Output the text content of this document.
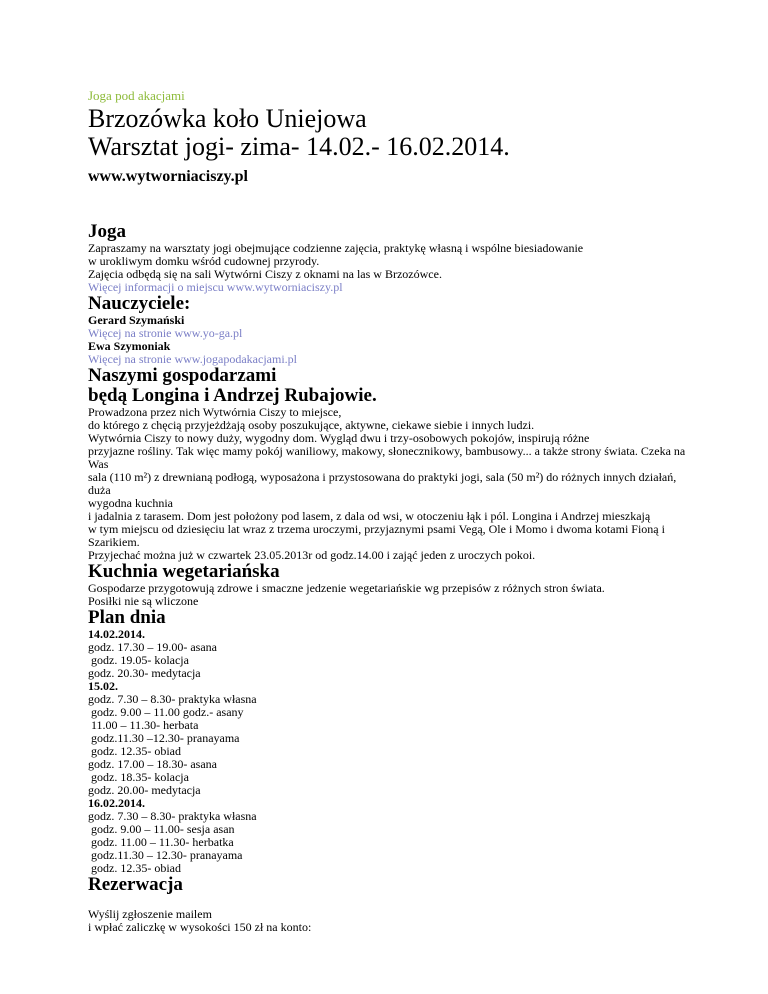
Joga pod akacjami
Brzozówka koło Uniejowa
Warsztat jogi- zima- 14.02.- 16.02.2014.
www.wytworniaciszy.pl
Joga
Zapraszamy na warsztaty jogi obejmujące codzienne zajęcia, praktykę własną i wspólne biesiadowanie
w urokliwym domku wśród cudownej przyrody.
Zajęcia odbędą się na sali Wytwórni Ciszy z oknami na las w Brzozówce.
Więcej informacji o miejscu www.wytworniaciszy.pl
Nauczyciele:
Gerard Szymański
Więcej na stronie www.yo-ga.pl
Ewa Szymoniak
Więcej na stronie www.jogapodakacjami.pl
Naszymi gospodarzami
będą Longina i Andrzej Rubajowie.
Prowadzona przez nich Wytwórnia Ciszy to miejsce,
do którego z chęcią przyjeżdżają osoby poszukujące, aktywne, ciekawe siebie i innych ludzi.
Wytwórnia Ciszy to nowy duży, wygodny dom. Wygląd dwu i trzy-osobowych pokojów, inspirują różne
przyjazne rośliny. Tak więc mamy pokój waniliowy, makowy, słonecznikowy, bambusowy... a także strony świata. Czeka na Was
sala (110 m²) z drewnianą podłogą, wyposażona i przystosowana do praktyki jogi, sala (50 m²) do różnych innych działań, duża
wygodna kuchnia
i jadalnia z tarasem. Dom jest położony pod lasem, z dala od wsi, w otoczeniu łąk i pól. Longina i Andrzej mieszkają
w tym miejscu od dziesięciu lat wraz z trzema uroczymi, przyjaznymi psami Vegą, Ole i Momo i dwoma kotami Fioną i
Szarikiem.
Przyjechać można już w czwartek 23.05.2013r od godz.14.00 i zająć jeden z uroczych pokoi.
Kuchnia wegetariańska
Gospodarze przygotowują zdrowe i smaczne jedzenie wegetariańskie wg przepisów z różnych stron świata.
Posiłki nie są wliczone
Plan dnia
14.02.2014.
godz. 17.30 – 19.00- asana
godz. 19.05- kolacja
godz. 20.30- medytacja
15.02.
godz. 7.30 – 8.30- praktyka własna
godz. 9.00 – 11.00 godz.- asany
11.00 – 11.30- herbata
godz.11.30 –12.30- pranayama
godz. 12.35- obiad
godz. 17.00 – 18.30- asana
godz. 18.35- kolacja
godz. 20.00- medytacja
16.02.2014.
godz. 7.30 – 8.30- praktyka własna
godz. 9.00 – 11.00- sesja asan
godz. 11.00 – 11.30- herbatka
godz.11.30 – 12.30- pranayama
godz. 12.35- obiad
Rezerwacja
Wyślij zgłoszenie mailem
i wpłać zaliczkę w wysokości 150 zł na konto:
